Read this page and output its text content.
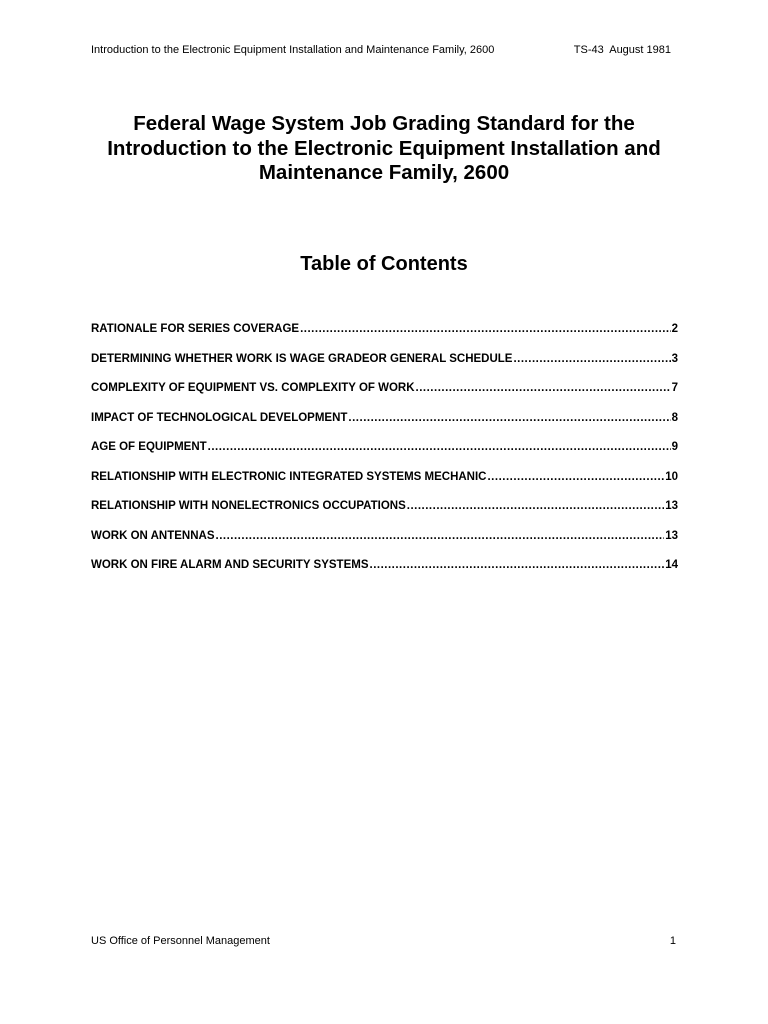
Introduction to the Electronic Equipment Installation and Maintenance Family, 2600	TS-43  August 1981
Federal Wage System Job Grading Standard for the
Introduction to the Electronic Equipment Installation and
Maintenance Family, 2600
Table of Contents
RATIONALE FOR SERIES COVERAGE .....	2
DETERMINING WHETHER WORK IS WAGE GRADEOR GENERAL SCHEDULE .....	3
COMPLEXITY OF EQUIPMENT VS. COMPLEXITY OF WORK .....	7
IMPACT OF TECHNOLOGICAL DEVELOPMENT .....	8
AGE OF EQUIPMENT .....	9
RELATIONSHIP WITH ELECTRONIC INTEGRATED SYSTEMS MECHANIC .....	10
RELATIONSHIP WITH NONELECTRONICS OCCUPATIONS .....	13
WORK ON ANTENNAS .....	13
WORK ON FIRE ALARM AND SECURITY SYSTEMS .....	14
US Office of Personnel Management	1
